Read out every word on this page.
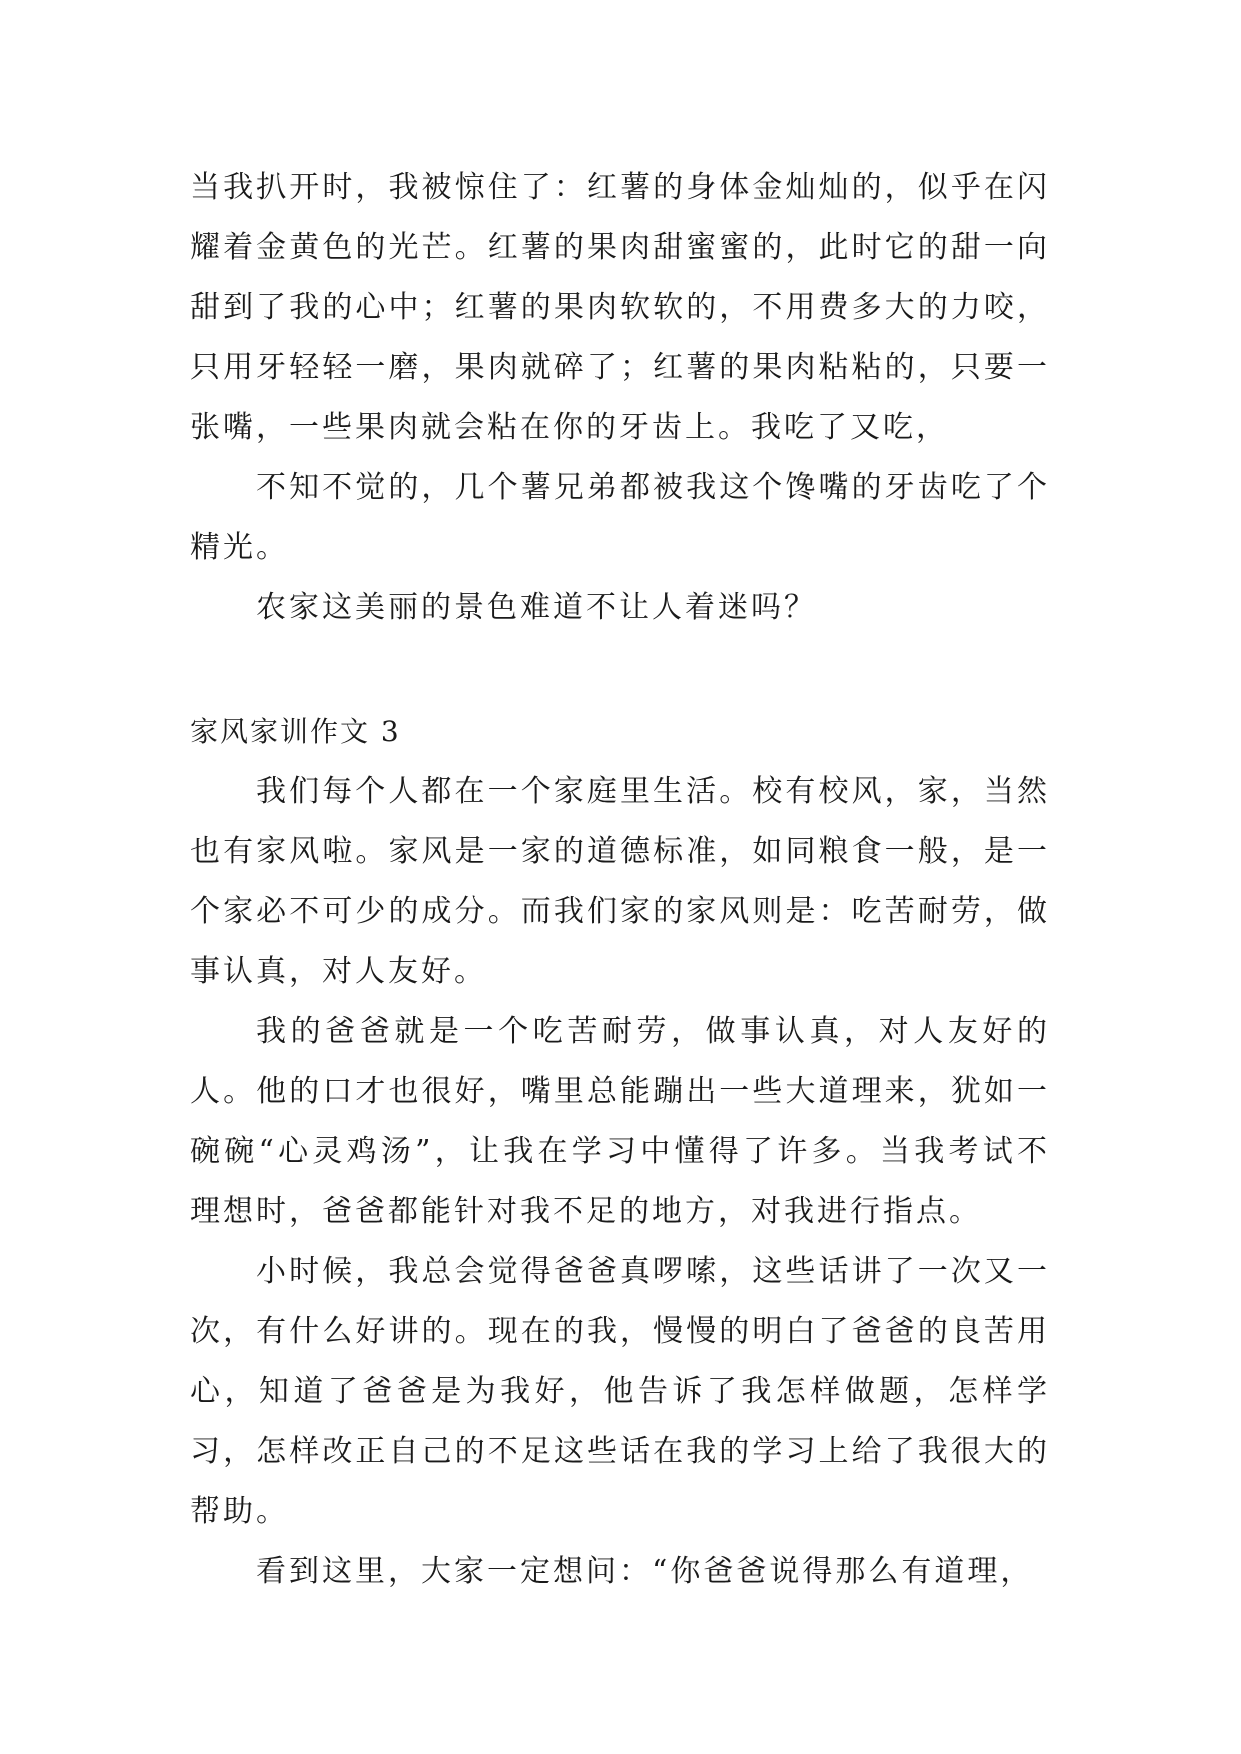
当我扒开时，我被惊住了：红薯的身体金灿灿的，似乎在闪耀着金黄色的光芒。红薯的果肉甜蜜蜜的，此时它的甜一向甜到了我的心中；红薯的果肉软软的，不用费多大的力咬，只用牙轻轻一磨，果肉就碎了；红薯的果肉粘粘的，只要一张嘴，一些果肉就会粘在你的牙齿上。我吃了又吃，

不知不觉的，几个薯兄弟都被我这个馋嘴的牙齿吃了个精光。

农家这美丽的景色难道不让人着迷吗？

家风家训作文 3

我们每个人都在一个家庭里生活。校有校风，家，当然也有家风啦。家风是一家的道德标准，如同粮食一般，是一个家必不可少的成分。而我们家的家风则是：吃苦耐劳，做事认真，对人友好。

我的爸爸就是一个吃苦耐劳，做事认真，对人友好的人。他的口才也很好，嘴里总能蹦出一些大道理来，犹如一碗碗“心灵鸡汤”，让我在学习中懂得了许多。当我考试不理想时，爸爸都能针对我不足的地方，对我进行指点。

小时候，我总会觉得爸爸真啰嗦，这些话讲了一次又一次，有什么好讲的。现在的我，慢慢的明白了爸爸的良苦用心，知道了爸爸是为我好，他告诉了我怎样做题，怎样学习，怎样改正自己的不足这些话在我的学习上给了我很大的帮助。

看到这里，大家一定想问：“你爸爸说得那么有道理，
